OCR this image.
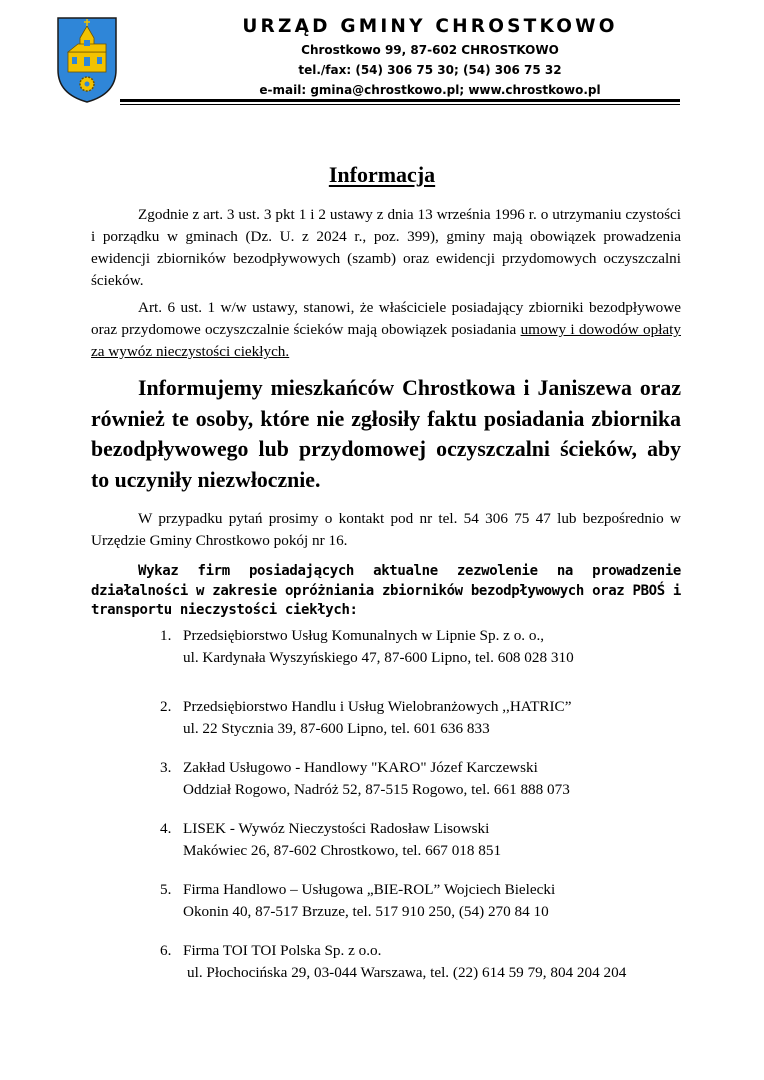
URZĄD GMINY CHROSTKOWO
Chrostkowo 99, 87-602 CHROSTKOWO
tel./fax: (54) 306 75 30; (54) 306 75 32
e-mail: gmina@chrostkowo.pl; www.chrostkowo.pl
Informacja

Zgodnie z art. 3 ust. 3 pkt 1 i 2 ustawy z dnia 13 września 1996 r. o utrzymaniu czystości i porządku w gminach (Dz. U. z 2024 r., poz. 399), gminy mają obowiązek prowadzenia ewidencji zbiorników bezodpływowych (szamb) oraz ewidencji przydomowych oczyszczalni ścieków.

Art. 6 ust. 1 w/w ustawy, stanowi, że właściciele posiadający zbiorniki bezodpływowe oraz przydomowe oczyszczalnie ścieków mają obowiązek posiadania umowy i dowodów opłaty za wywóz nieczystości ciekłych.

Informujemy mieszkańców Chrostkowa i Janiszewa oraz również te osoby, które nie zgłosiły faktu posiadania zbiornika bezodpływowego lub przydomowej oczyszczalni ścieków, aby to uczyniły niezwłocznie.

W przypadku pytań prosimy o kontakt pod nr tel. 54 306 75 47 lub bezpośrednio w Urzędzie Gminy Chrostkowo pokój nr 16.

Wykaz firm posiadających aktualne zezwolenie na prowadzenie działalności w zakresie opróżniania zbiorników bezodpływowych oraz PBOŚ i transportu nieczystości ciekłych:

1. Przedsiębiorstwo Usług Komunalnych w Lipnie Sp. z o. o.,
ul. Kardynała Wyszyńskiego 47, 87-600 Lipno, tel. 608 028 310
2. Przedsiębiorstwo Handlu i Usług Wielobranżowych ,,HATRIC”
ul. 22 Stycznia 39, 87-600 Lipno, tel. 601 636 833
3. Zakład Usługowo - Handlowy "KARO" Józef Karczewski
Oddział Rogowo, Nadróż 52, 87-515 Rogowo, tel. 661 888 073
4. LISEK - Wywóz Nieczystości Radosław Lisowski
Makówiec 26, 87-602 Chrostkowo, tel. 667 018 851
5. Firma Handlowo – Usługowa „BIE-ROL” Wojciech Bielecki
Okonin 40, 87-517 Brzuze, tel. 517 910 250, (54) 270 84 10
6. Firma TOI TOI Polska Sp. z o.o.
ul. Płochocińska 29, 03-044 Warszawa, tel. (22) 614 59 79, 804 204 204
